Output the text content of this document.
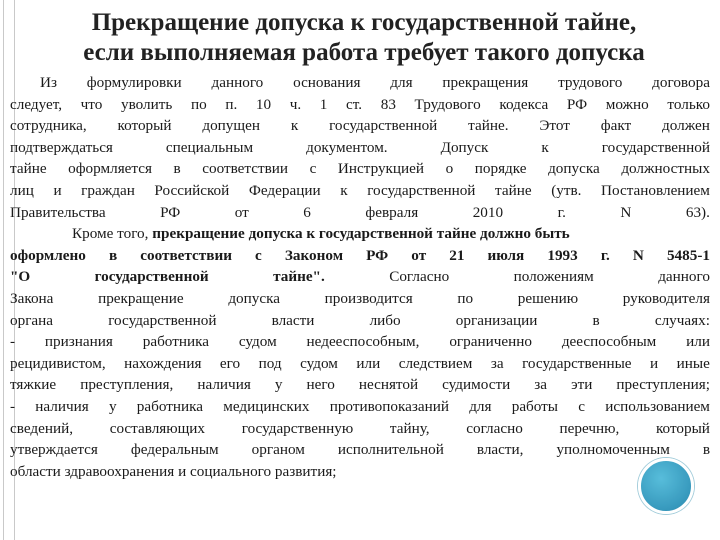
Прекращение допуска к государственной тайне,
если выполняемая работа требует такого допуска
Из формулировки данного основания для прекращения трудового договора
следует, что уволить по п. 10 ч. 1 ст. 83 Трудового кодекса РФ можно только
сотрудника, который допущен к государственной тайне. Этот факт должен
подтверждаться	специальным	документом.	Допуск	к	государственной
тайне оформляется в соответствии с Инструкцией о порядке допуска должностных
лиц и граждан Российской Федерации к государственной тайне (утв. Постановлением
Правительства	РФ	от	6	февраля	2010	г.	N	63).
Кроме того, прекращение допуска к государственной тайне должно быть
оформлено в соответствии с Законом РФ от 21 июля 1993 г. N 5485-1
"О	государственной	тайне".	Согласно	положениям	данного
Закона	прекращение	допуска	производится	по	решению	руководителя
органа	государственной	власти	либо	организации	в	случаях:
- признания работника судом недееспособным, ограниченно дееспособным или
рецидивистом, нахождения его под судом или следствием за государственные и иные
тяжкие преступления, наличия у него неснятой судимости за эти преступления;
- наличия у работника медицинских противопоказаний для работы с использованием
сведений, составляющих государственную тайну, согласно перечню, который
утверждается федеральным органом исполнительной власти, уполномоченным в
области здравоохранения и социального развития;
